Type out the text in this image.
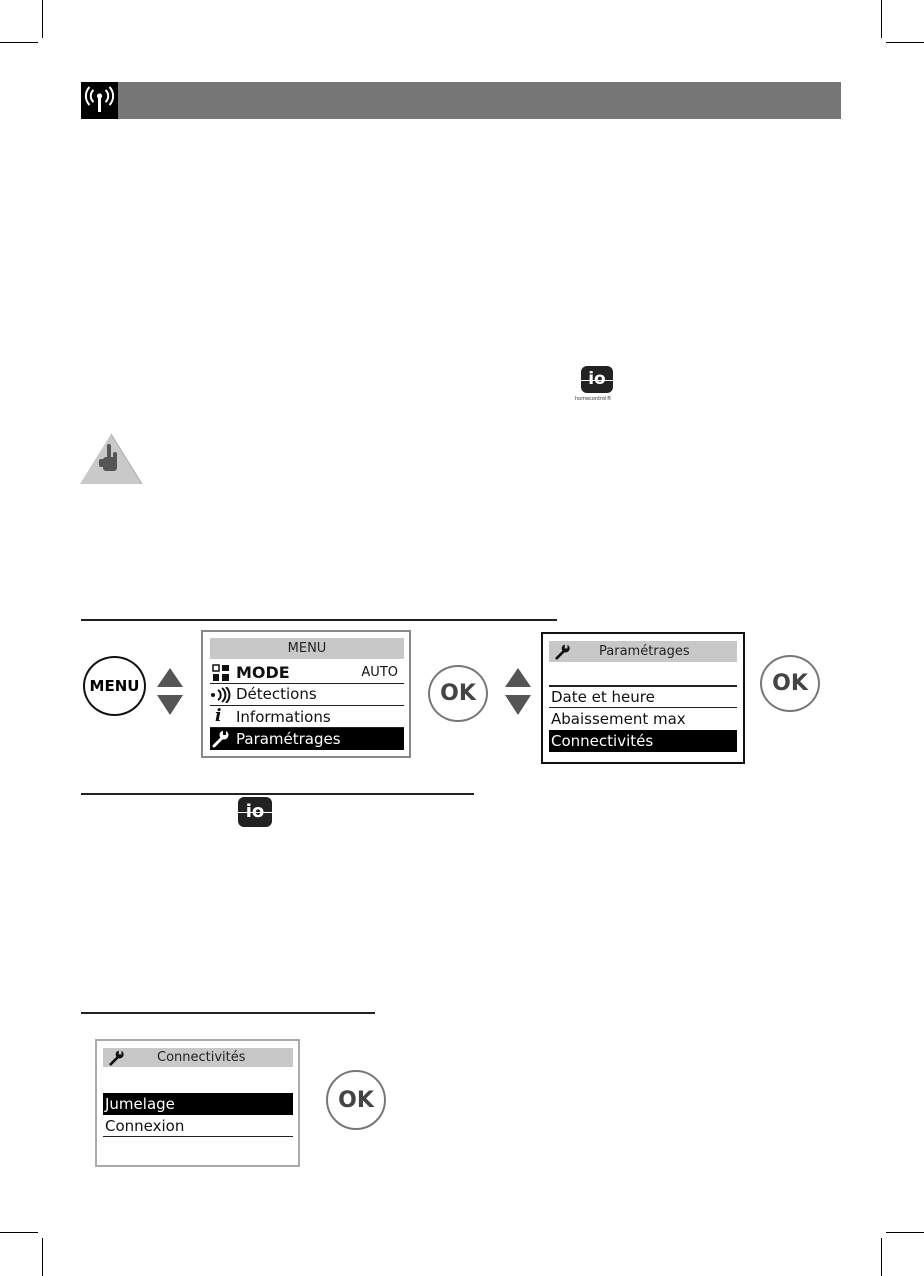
io
homecontrol®
MENU
MENU
MODE	AUTO
Détections
i Informations
Paramétrages
OK
Paramétrages
Date et heure
Abaissement max
Connectivités
OK
io
Connectivités
Jumelage
Connexion
OK
